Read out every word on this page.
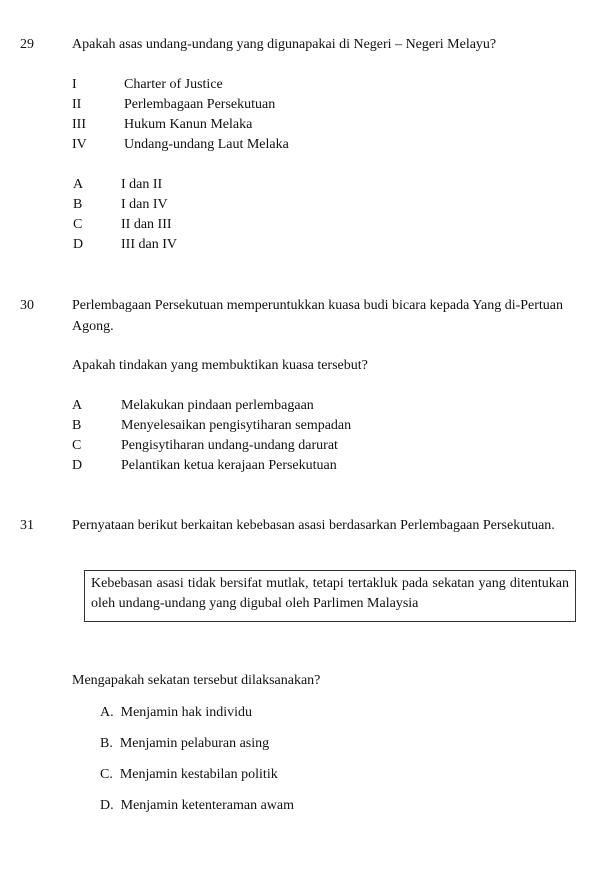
29	Apakah asas undang-undang yang digunapakai di Negeri – Negeri Melayu?
I	Charter of Justice
II	Perlembagaan Persekutuan
III	Hukum Kanun Melaka
IV	Undang-undang Laut Melaka
A	I dan II
B	I dan IV
C	II dan III
D	III dan IV
30	Perlembagaan Persekutuan memperuntukkan kuasa budi bicara kepada Yang di-Pertuan
Agong.
Apakah tindakan yang membuktikan kuasa tersebut?
A	Melakukan pindaan perlembagaan
B	Menyelesaikan pengisytiharan sempadan
C	Pengisytiharan undang-undang darurat
D	Pelantikan ketua kerajaan Persekutuan
31	Pernyataan berikut berkaitan kebebasan asasi berdasarkan Perlembagaan Persekutuan.
Kebebasan asasi tidak bersifat mutlak, tetapi tertakluk pada sekatan yang ditentukan oleh undang-undang yang digubal oleh Parlimen Malaysia
Mengapakah sekatan tersebut dilaksanakan?
A. Menjamin hak individu
B. Menjamin pelaburan asing
C. Menjamin kestabilan politik
D. Menjamin ketenteraman awam
